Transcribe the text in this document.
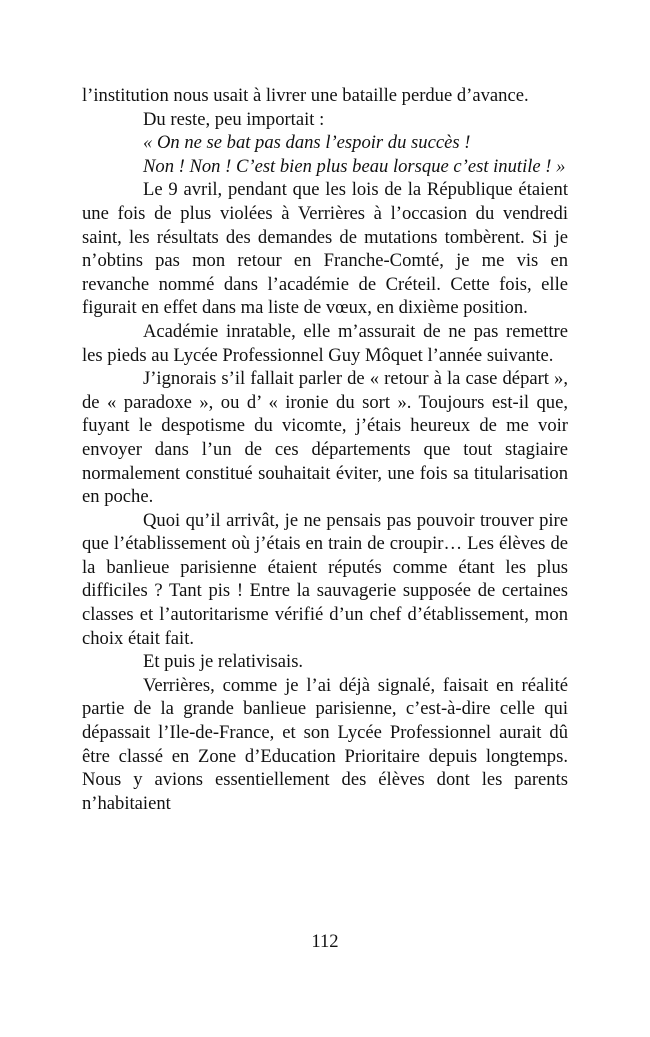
l’institution nous usait à livrer une bataille perdue d’avance.

Du reste, peu importait :

« On ne se bat pas dans l’espoir du succès !

Non ! Non ! C’est bien plus beau lorsque c’est inutile ! »

Le 9 avril, pendant que les lois de la République étaient une fois de plus violées à Verrières à l’occasion du vendredi saint, les résultats des demandes de mutations tombèrent. Si je n’obtins pas mon retour en Franche-Comté, je me vis en revanche nommé dans l’académie de Créteil. Cette fois, elle figurait en effet dans ma liste de vœux, en dixième position.

Académie inratable, elle m’assurait de ne pas remettre les pieds au Lycée Professionnel Guy Môquet l’année suivante.

J’ignorais s’il fallait parler de « retour à la case départ », de « paradoxe », ou d’ « ironie du sort ». Toujours est-il que, fuyant le despotisme du vicomte, j’étais heureux de me voir envoyer dans l’un de ces départements que tout stagiaire normalement constitué souhaitait éviter, une fois sa titularisation en poche.

Quoi qu’il arrivât, je ne pensais pas pouvoir trouver pire que l’établissement où j’étais en train de croupir… Les élèves de la banlieue parisienne étaient réputés comme étant les plus difficiles ? Tant pis ! Entre la sauvagerie supposée de certaines classes et l’autoritarisme vérifié d’un chef d’établissement, mon choix était fait.

Et puis je relativisais.

Verrières, comme je l’ai déjà signalé, faisait en réalité partie de la grande banlieue parisienne, c’est-à-dire celle qui dépassait l’Ile-de-France, et son Lycée Professionnel aurait dû être classé en Zone d’Education Prioritaire depuis longtemps. Nous y avions essentiellement des élèves dont les parents n’habitaient

112
